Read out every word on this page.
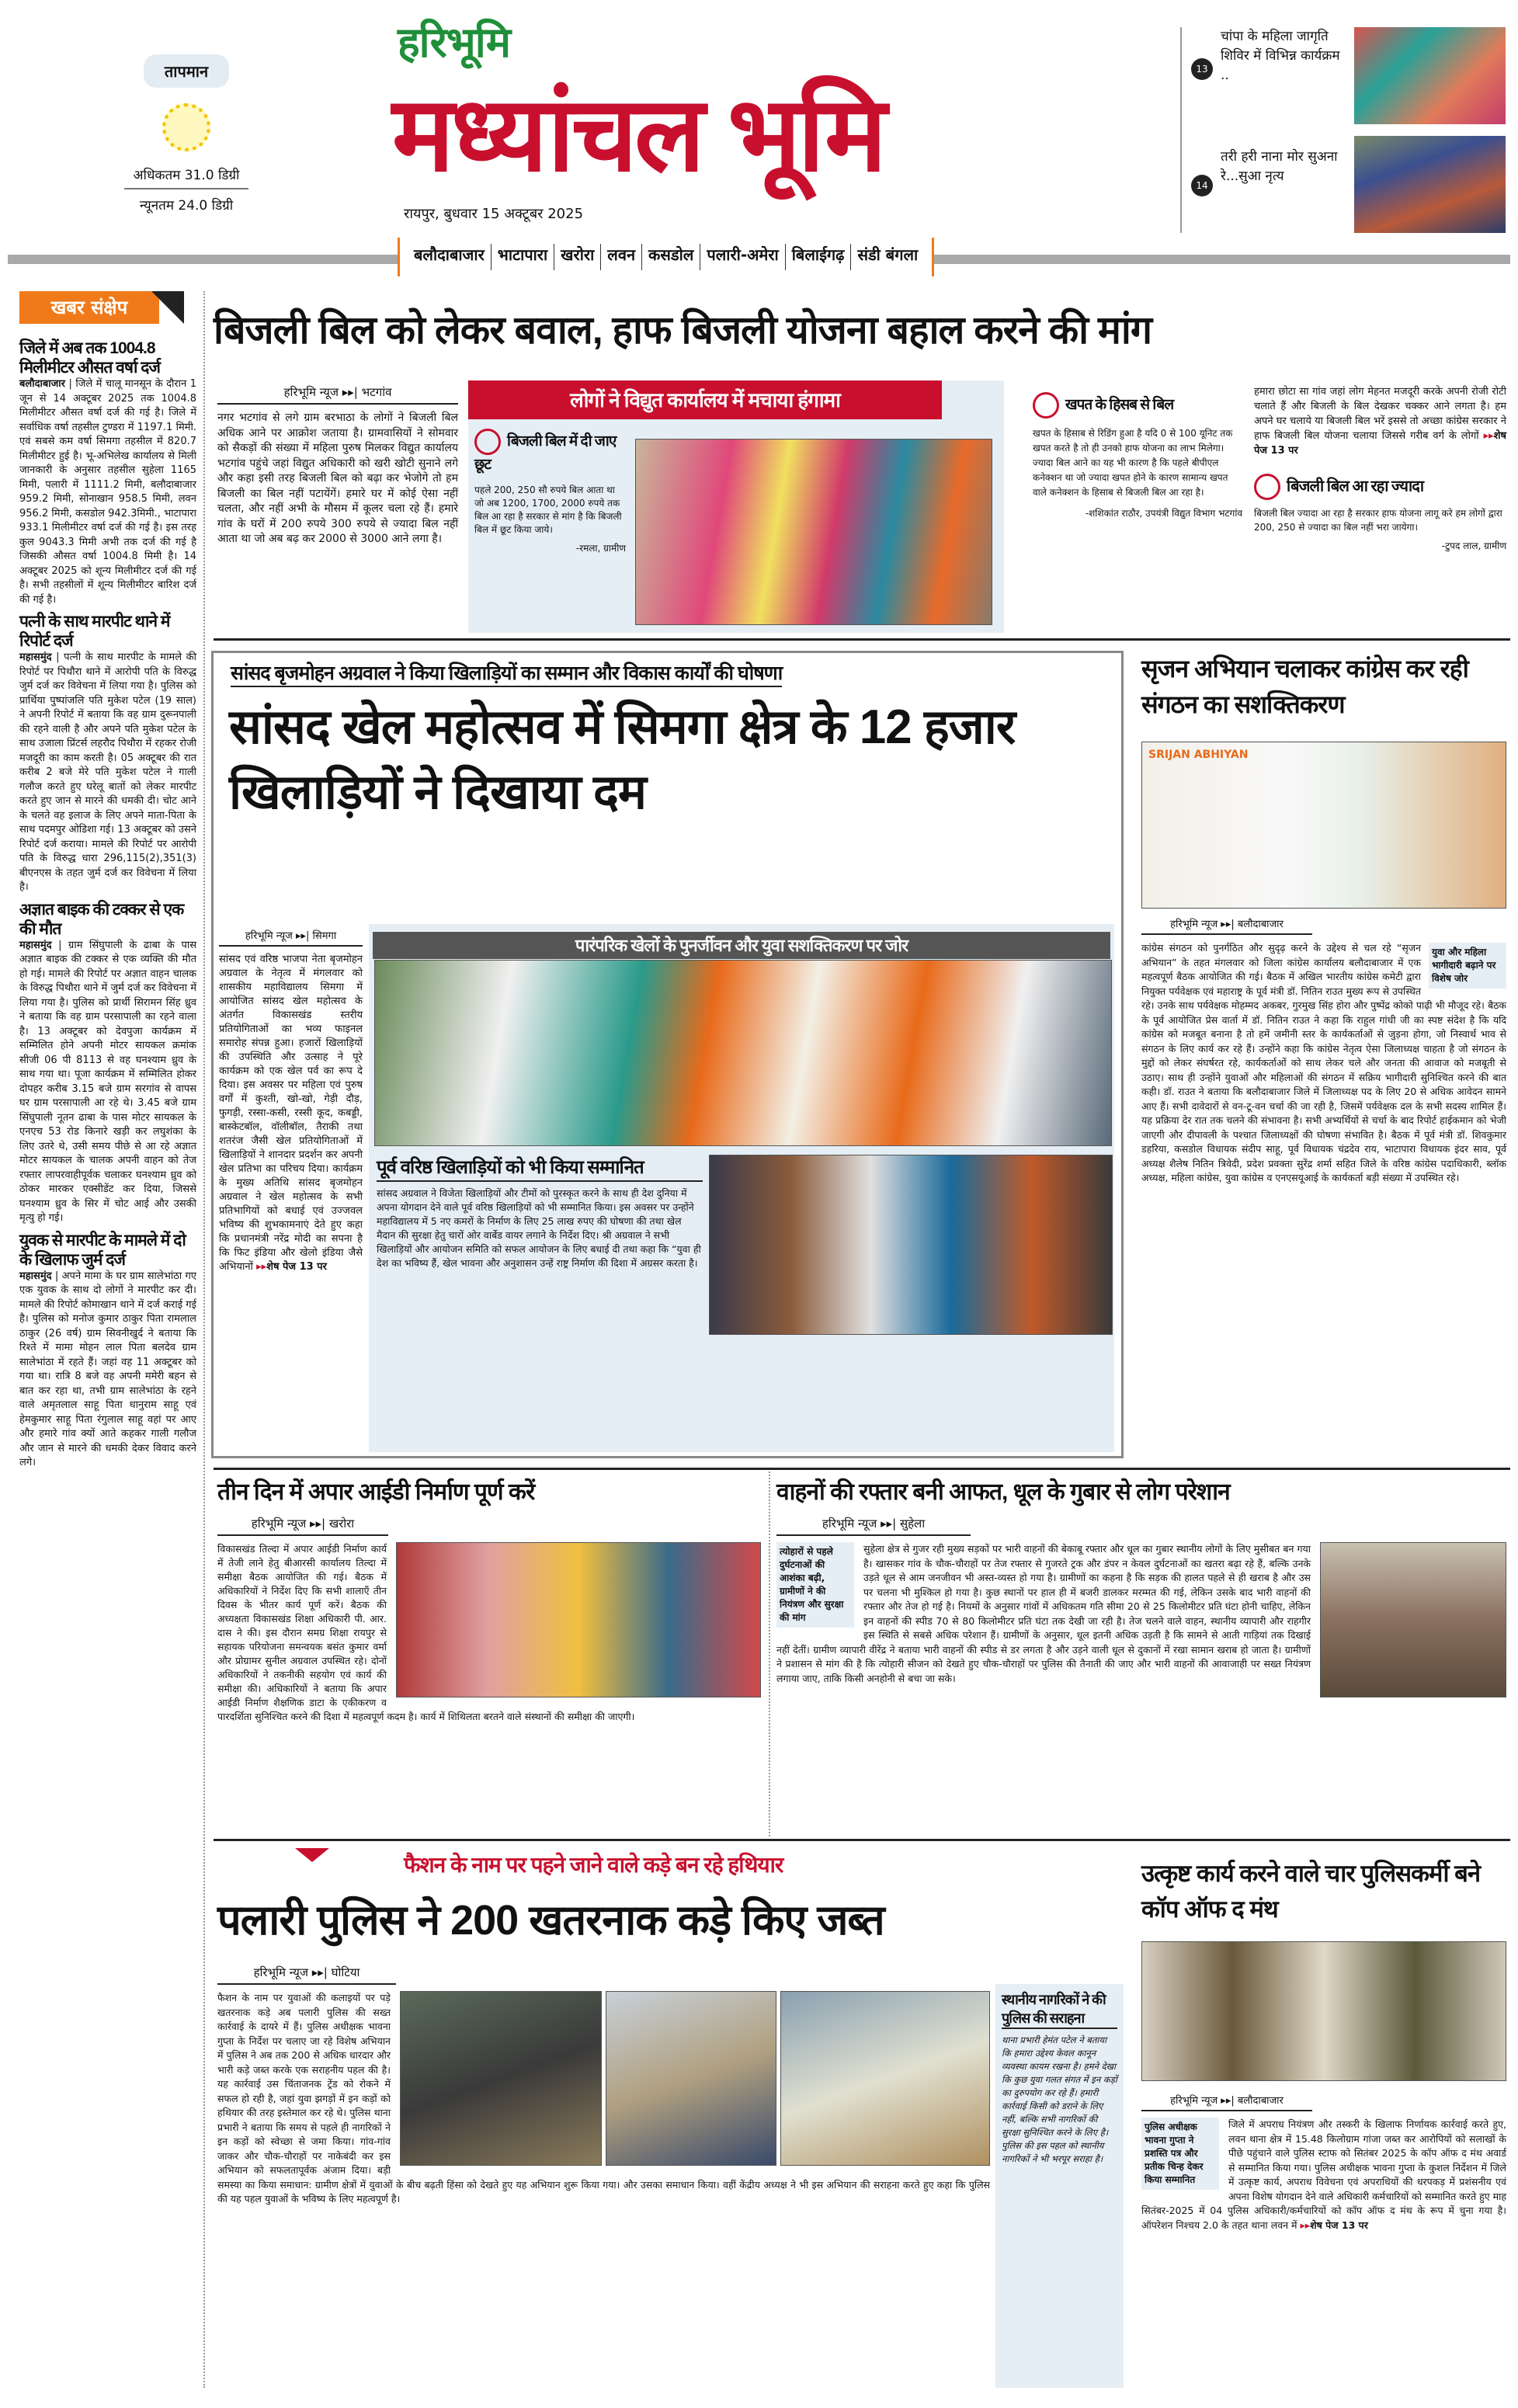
तापमान
अधिकतम 31.0 डिग्री
न्यूनतम 24.0 डिग्री
हरिभूमि
मध्यांचल भूमि
रायपुर, बुधवार 15 अक्टूबर 2025
13
चांपा के महिला जागृति शिविर में विभिन्न कार्यक्रम ..
14
तरी हरी नाना मोर सुअना रे...सुआ नृत्य
बलौदाबाजार भाटापारा खरोरा लवन कसडोल पलारी-अमेरा बिलाईगढ़ संडी बंगला
खबर संक्षेप
जिले में अब तक 1004.8 मिलीमीटर औसत वर्षा दर्ज
बलौदाबाजार | जिले में चालू मानसून के दौरान 1 जून से 14 अक्टूबर 2025 तक 1004.8 मिलीमीटर औसत वर्षा दर्ज की गई है। जिले में सर्वाधिक वर्षा तहसील टुण्डरा में 1197.1 मिमी. एवं सबसे कम वर्षा सिमगा तहसील में 820.7 मिलीमीटर हुई है। भू-अभिलेख कार्यालय से मिली जानकारी के अनुसार तहसील सुहेला 1165 मिमी, पलारी में 1111.2 मिमी, बलौदाबाजार 959.2 मिमी, सोनाखान 958.5 मिमी, लवन 956.2 मिमी, कसडोल 942.3मिमी., भाटापारा 933.1 मिलीमीटर वर्षा दर्ज की गई है। इस तरह कुल 9043.3 मिमी अभी तक दर्ज की गई है जिसकी औसत वर्षा 1004.8 मिमी है। 14 अक्टूबर 2025 को शून्य मिलीमीटर दर्ज की गई है। सभी तहसीलों में शून्य मिलीमीटर बारिश दर्ज की गई है।
पत्नी के साथ मारपीट थाने में रिपोर्ट दर्ज
महासमुंद | पत्नी के साथ मारपीट के मामले की रिपोर्ट पर पिथौरा थाने में आरोपी पति के विरुद्ध जुर्म दर्ज कर विवेचना में लिया गया है। पुलिस को प्रार्थिया पुष्पांजलि पति मुकेश पटेल (19 साल) ने अपनी रिपोर्ट में बताया कि वह ग्राम दुरूनपाली की रहने वाली है और अपने पति मुकेश पटेल के साथ उजाला प्रिंटर्स लहरौद पिथौरा में रहकर रोजी मजदूरी का काम करती है। 05 अक्टूबर की रात करीब 2 बजे मेरे पति मुकेश पटेल ने गाली गलौज करते हुए घरेलू बातों को लेकर मारपीट करते हुए जान से मारने की धमकी दी। चोट आने के चलते वह इलाज के लिए अपने माता-पिता के साथ पदमपुर ओडिशा गई। 13 अक्टूबर को उसने रिपोर्ट दर्ज कराया। मामले की रिपोर्ट पर आरोपी पति के विरुद्ध धारा 296,115(2),351(3) बीएनएस के तहत जुर्म दर्ज कर विवेचना में लिया है।
अज्ञात बाइक की टक्कर से एक की मौत
महासमुंद | ग्राम सिंघुपाली के ढाबा के पास अज्ञात बाइक की टक्कर से एक व्यक्ति की मौत हो गई। मामले की रिपोर्ट पर अज्ञात वाहन चालक के विरुद्ध पिथौरा थाने में जुर्म दर्ज कर विवेचना में लिया गया है। पुलिस को प्रार्थी सिरामन सिंह ध्रुव ने बताया कि वह ग्राम परसापाली का रहने वाला है। 13 अक्टूबर को देवपुजा कार्यक्रम में सम्मिलित होने अपनी मोटर सायकल क्रमांक सीजी 06 पी 8113 से वह घनश्याम ध्रुव के साथ गया था। पूजा कार्यक्रम में सम्मिलित होकर दोपहर करीब 3.15 बजे ग्राम सरगांव से वापस घर ग्राम परसापाली आ रहे थे। 3.45 बजे ग्राम सिंघुपाली नूतन ढाबा के पास मोटर सायकल के एनएच 53 रोड किनारे खड़ी कर लघुशंका के लिए उतरे थे, उसी समय पीछे से आ रहे अज्ञात मोटर सायकल के चालक अपनी वाहन को तेज रफ्तार लापरवाहीपूर्वक चलाकर घनश्याम ध्रुव को ठोकर मारकर एक्सीडेंट कर दिया, जिससे घनश्याम ध्रुव के सिर में चोट आई और उसकी मृत्यु हो गई।
युवक से मारपीट के मामले में दो के खिलाफ जुर्म दर्ज
महासमुंद | अपने मामा के घर ग्राम सालेभांठा गए एक युवक के साथ दो लोगों ने मारपीट कर दी। मामले की रिपोर्ट कोमाखान थाने में दर्ज कराई गई है। पुलिस को मनोज कुमार ठाकुर पिता रामलाल ठाकुर (26 वर्ष) ग्राम सिवनीखुर्द ने बताया कि रिश्ते में मामा मोहन लाल पिता बलदेव ग्राम सालेभांठा में रहते हैं। जहां वह 11 अक्टूबर को गया था। रात्रि 8 बजे वह अपनी ममेरी बहन से बात कर रहा था, तभी ग्राम सालेभांठा के रहने वाले अमृतलाल साहू पिता धानुराम साहू एवं हेमकुमार साहू पिता रंगुलाल साहू वहां पर आए और हमारे गांव क्यों आते कहकर गाली गलौज और जान से मारने की धमकी देकर विवाद करने लगे।
बिजली बिल को लेकर बवाल, हाफ बिजली योजना बहाल करने की मांग
हरिभूमि न्यूज ▸▸| भटगांव
नगर भटगांव से लगे ग्राम बरभाठा के लोगों ने बिजली बिल अधिक आने पर आक्रोश जताया है। ग्रामवासियों ने सोमवार को सैकड़ों की संख्या में महिला पुरुष मिलकर विद्युत कार्यालय भटगांव पहुंचे जहां विद्युत अधिकारी को खरी खोटी सुनाने लगे और कहा इसी तरह बिजली बिल को बढ़ा कर भेजोगे तो हम बिजली का बिल नहीं पटायेंगें। हमारे घर में कोई ऐसा नहीं चलता, और नहीं अभी के मौसम में कूलर चला रहे हैं। हमारे गांव के घरों में 200 रुपये 300 रुपये से ज्यादा बिल नहीं आता था जो अब बढ़ कर 2000 से 3000 आने लगा है।
लोगों ने विद्युत कार्यालय में मचाया हंगामा
बिजली बिल में दी जाए छूट
पहले 200, 250 सौ रुपये बिल आता था जो अब 1200, 1700, 2000 रुपये तक बिल आ रहा है सरकार से मांग है कि बिजली बिल में छूट किया जाये।
-रमला, ग्रामीण
खपत के हिसब से बिल
खपत के हिसाब से रिडिंग हुआ है यदि 0 से 100 यूनिट तक खपत करते है तो ही उनको हाफ योजना का लाभ मिलेगा। ज्यादा बिल आने का यह भी कारण है कि पहले बीपीएल कनेक्शन था जो ज्यादा खपत होने के कारण सामान्य खपत वाले कनेक्शन के हिसाब से बिजली बिल आ रहा है।
-शशिकांत राठौर, उपयंत्री विद्युत विभाग भटगांव
हमारा छोटा सा गांव जहां लोग मेहनत मजदूरी करके अपनी रोजी रोटी चलाते हैं और बिजली के बिल देखकर चक्कर आने लगता है। हम अपने घर चलाये या बिजली बिल भरें इससे तो अच्छा कांग्रेस सरकार ने हाफ बिजली बिल योजना चलाया जिससे गरीब वर्ग के लोगों ▸▸ शेष पेज 13 पर
बिजली बिल आ रहा ज्यादा
बिजली बिल ज्यादा आ रहा है सरकार हाफ योजना लागू करे हम लोगों द्वारा 200, 250 से ज्यादा का बिल नहीं भरा जायेगा।
-टुपद लाल, ग्रामीण
सांसद बृजमोहन अग्रवाल ने किया खिलाड़ियों का सम्मान और विकास कार्यों की घोषणा
सांसद खेल महोत्सव में सिमगा क्षेत्र के 12 हजार खिलाड़ियों ने दिखाया दम
हरिभूमि न्यूज ▸▸| सिमगा
सांसद एवं वरिष्ठ भाजपा नेता बृजमोहन अग्रवाल के नेतृत्व में मंगलवार को शासकीय महाविद्यालय सिमगा में आयोजित सांसद खेल महोत्सव के अंतर्गत विकासखंड स्तरीय प्रतियोगिताओं का भव्य फाइनल समारोह संपन्न हुआ। हजारों खिलाड़ियों की उपस्थिति और उत्साह ने पूरे कार्यक्रम को एक खेल पर्व का रूप दे दिया। इस अवसर पर महिला एवं पुरुष वर्गों में कुश्ती, खो-खो, गेड़ी दौड़, फुगड़ी, रस्सा-कसी, रस्सी कूद, कबड्डी, बास्केटबॉल, वॉलीबॉल, तैराकी तथा शतरंज जैसी खेल प्रतियोगिताओं में खिलाड़ियों ने शानदार प्रदर्शन कर अपनी खेल प्रतिभा का परिचय दिया। कार्यक्रम के मुख्य अतिथि सांसद बृजमोहन अग्रवाल ने खेल महोत्सव के सभी प्रतिभागियों को बधाई एवं उज्जवल भविष्य की शुभकामनाएं देते हुए कहा कि प्रधानमंत्री नरेंद्र मोदी का सपना है कि फिट इंडिया और खेलो इंडिया जैसे अभियानों ▸▸ शेष पेज 13 पर
पारंपरिक खेलों के पुनर्जीवन और युवा सशक्तिकरण पर जोर
पूर्व वरिष्ठ खिलाड़ियों को भी किया सम्मानित
सांसद अग्रवाल ने विजेता खिलाड़ियों और टीमों को पुरस्कृत करने के साथ ही देश दुनिया में अपना योगदान देने वाले पूर्व वरिष्ठ खिलाड़ियों को भी सम्मानित किया। इस अवसर पर उन्होंने महाविद्यालय में 5 नए कमरों के निर्माण के लिए 25 लाख रुपए की घोषणा की तथा खेल मैदान की सुरक्षा हेतु चारों ओर वार्बेड वायर लगाने के निर्देश दिए। श्री अग्रवाल ने सभी खिलाड़ियों और आयोजन समिति को सफल आयोजन के लिए बधाई दी तथा कहा कि “युवा ही देश का भविष्य हैं, खेल भावना और अनुशासन उन्हें राष्ट्र निर्माण की दिशा में अग्रसर करता है।
सृजन अभियान चलाकर कांग्रेस कर रही संगठन का सशक्तिकरण
SRIJAN ABHIYAN
हरिभूमि न्यूज ▸▸| बलौदाबाजार
युवा और महिला भागीदारी बढ़ाने पर विशेष जोर
कांग्रेस संगठन को पुनर्गठित और सुदृढ़ करने के उद्देश्य से चल रहे “सृजन अभियान” के तहत मंगलवार को जिला कांग्रेस कार्यालय बलौदाबाजार में एक महत्वपूर्ण बैठक आयोजित की गई। बैठक में अखिल भारतीय कांग्रेस कमेटी द्वारा नियुक्त पर्यवेक्षक एवं महाराष्ट्र के पूर्व मंत्री डॉ. नितिन राउत मुख्य रूप से उपस्थित रहे। उनके साथ पर्यवेक्षक मोहम्मद अकबर, गुरमुख सिंह होरा और पुष्पेंद्र कोको पाढ़ी भी मौजूद रहे। बैठक के पूर्व आयोजित प्रेस वार्ता में डॉ. नितिन राउत ने कहा कि राहुल गांधी जी का स्पष्ट संदेश है कि यदि कांग्रेस को मजबूत बनाना है तो हमें जमीनी स्तर के कार्यकर्ताओं से जुड़ना होगा, जो निस्वार्थ भाव से संगठन के लिए कार्य कर रहे हैं। उन्होंने कहा कि कांग्रेस नेतृत्व ऐसा जिलाध्यक्ष चाहता है जो संगठन के मुद्दों को लेकर संघर्षरत रहे, कार्यकर्ताओं को साथ लेकर चले और जनता की आवाज को मजबूती से उठाए। साथ ही उन्होंने युवाओं और महिलाओं की संगठन में सक्रिय भागीदारी सुनिश्चित करने की बात कही। डॉ. राउत ने बताया कि बलौदाबाजार जिले में जिलाध्यक्ष पद के लिए 20 से अधिक आवेदन सामने आए हैं। सभी दावेदारों से वन-टू-वन चर्चा की जा रही है, जिसमें पर्यवेक्षक दल के सभी सदस्य शामिल हैं। यह प्रक्रिया देर रात तक चलने की संभावना है। सभी अभ्यर्थियों से चर्चा के बाद रिपोर्ट हाईकमान को भेजी जाएगी और दीपावली के पश्चात जिलाध्यक्षों की घोषणा संभावित है। बैठक में पूर्व मंत्री डॉ. शिवकुमार डहरिया, कसडोल विधायक संदीप साहू, पूर्व विधायक चंद्रदेव राय, भाटापारा विधायक इंदर साव, पूर्व अध्यक्ष शैलेष नितिन त्रिवेदी, प्रदेश प्रवक्ता सुरेंद्र शर्मा सहित जिले के वरिष्ठ कांग्रेस पदाधिकारी, ब्लॉक अध्यक्ष, महिला कांग्रेस, युवा कांग्रेस व एनएसयूआई के कार्यकर्ता बड़ी संख्या में उपस्थित रहे।
तीन दिन में अपार आईडी निर्माण पूर्ण करें
हरिभूमि न्यूज ▸▸| खरोरा
विकासखंड तिल्दा में अपार आईडी निर्माण कार्य में तेजी लाने हेतु बीआरसी कार्यालय तिल्दा में समीक्षा बैठक आयोजित की गई। बैठक में अधिकारियों ने निर्देश दिए कि सभी शालाएँ तीन दिवस के भीतर कार्य पूर्ण करें। बैठक की अध्यक्षता विकासखंड शिक्षा अधिकारी पी. आर. दास ने की। इस दौरान समग्र शिक्षा रायपुर से सहायक परियोजना समन्वयक बसंत कुमार वर्मा और प्रोग्रामर सुनील अग्रवाल उपस्थित रहे। दोनों अधिकारियों ने तकनीकी सहयोग एवं कार्य की समीक्षा की। अधिकारियों ने बताया कि अपार आईडी निर्माण शैक्षणिक डाटा के एकीकरण व पारदर्शिता सुनिश्चित करने की दिशा में महत्वपूर्ण कदम है। कार्य में शिथिलता बरतने वाले संस्थानों की समीक्षा की जाएगी।
वाहनों की रफ्तार बनी आफत, धूल के गुबार से लोग परेशान
हरिभूमि न्यूज ▸▸| सुहेला
त्योहारों से पहले दुर्घटनाओं की आशंका बढ़ी, ग्रामीणों ने की नियंत्रण और सुरक्षा की मांग
सुहेला क्षेत्र से गुजर रही मुख्य सड़कों पर भारी वाहनों की बेकाबू रफ्तार और धूल का गुबार स्थानीय लोगों के लिए मुसीबत बन गया है। खासकर गांव के चौक-चौराहों पर तेज रफ्तार से गुजरते ट्रक और डंपर न केवल दुर्घटनाओं का खतरा बढ़ा रहे हैं, बल्कि उनके उड़ते धूल से आम जनजीवन भी अस्त-व्यस्त हो गया है। ग्रामीणों का कहना है कि सड़क की हालत पहले से ही खराब है और उस पर चलना भी मुश्किल हो गया है। कुछ स्थानों पर हाल ही में बजरी डालकर मरम्मत की गई, लेकिन उसके बाद भारी वाहनों की रफ्तार और तेज हो गई है। नियमों के अनुसार गांवों में अधिकतम गति सीमा 20 से 25 किलोमीटर प्रति घंटा होनी चाहिए, लेकिन इन वाहनों की स्पीड 70 से 80 किलोमीटर प्रति घंटा तक देखी जा रही है। तेज चलने वाले वाहन, स्थानीय व्यापारी और राहगीर इस स्थिति से सबसे अधिक परेशान हैं। ग्रामीणों के अनुसार, धूल इतनी अधिक उड़ती है कि सामने से आती गाड़ियां तक दिखाई नहीं देतीं। ग्रामीण व्यापारी वीरेंद्र ने बताया भारी वाहनों की स्पीड से डर लगता है और उड़ने वाली धूल से दुकानों में रखा सामान खराब हो जाता है। ग्रामीणों ने प्रशासन से मांग की है कि त्योहारी सीजन को देखते हुए चौक-चौराहों पर पुलिस की तैनाती की जाए और भारी वाहनों की आवाजाही पर सख्त नियंत्रण लगाया जाए, ताकि किसी अनहोनी से बचा जा सके।
फैशन के नाम पर पहने जाने वाले कड़े बन रहे हथियार
पलारी पुलिस ने 200 खतरनाक कड़े किए जब्त
हरिभूमि न्यूज ▸▸| घोटिया
फैशन के नाम पर युवाओं की कलाइयों पर पड़े खतरनाक कड़े अब पलारी पुलिस की सख्त कार्रवाई के दायरे में हैं। पुलिस अधीक्षक भावना गुप्ता के निर्देश पर चलाए जा रहे विशेष अभियान में पुलिस ने अब तक 200 से अधिक धारदार और भारी कड़े जब्त करके एक सराहनीय पहल की है। यह कार्रवाई उस चिंताजनक ट्रेंड को रोकने में सफल हो रही है, जहां युवा झगड़ों में इन कड़ों को हथियार की तरह इस्तेमाल कर रहे थे। पुलिस थाना प्रभारी ने बताया कि समय से पहले ही नागरिकों ने इन कड़ों को स्वेच्छा से जमा किया। गांव-गांव जाकर और चौक-चौराहों पर नाकेबंदी कर इस अभियान को सफलतापूर्वक अंजाम दिया। बड़ी समस्या का किया समाधान: ग्रामीण क्षेत्रों में युवाओं के बीच बढ़ती हिंसा को देखते हुए यह अभियान शुरू किया गया। और उसका समाधान किया। वहीं केंद्रीय अध्यक्ष ने भी इस अभियान की सराहना करते हुए कहा कि पुलिस की यह पहल युवाओं के भविष्य के लिए महत्वपूर्ण है।
स्थानीय नागरिकों ने की पुलिस की सराहना
थाना प्रभारी हेमंत पटेल ने बताया कि हमारा उद्देश्य केवल कानून व्यवस्था कायम रखना है। हमने देखा कि कुछ युवा गलत संगत में इन कड़ों का दुरुपयोग कर रहे हैं। हमारी कार्रवाई किसी को डराने के लिए नहीं, बल्कि सभी नागरिकों की सुरक्षा सुनिश्चित करने के लिए है। पुलिस की इस पहल को स्थानीय नागरिकों ने भी भरपूर सराहा है।
उत्कृष्ट कार्य करने वाले चार पुलिसकर्मी बने कॉप ऑफ द मंथ
हरिभूमि न्यूज ▸▸| बलौदाबाजार
पुलिस अधीक्षक भावना गुप्ता ने प्रशस्ति पत्र और प्रतीक चिन्ह देकर किया सम्मानित
जिले में अपराध नियंत्रण और तस्करी के खिलाफ निर्णायक कार्रवाई करते हुए, लवन थाना क्षेत्र में 15.48 किलोग्राम गांजा जब्त कर आरोपियों को सलाखों के पीछे पहुंचाने वाले पुलिस स्टाफ को सितंबर 2025 के कॉप ऑफ द मंथ अवार्ड से सम्मानित किया गया। पुलिस अधीक्षक भावना गुप्ता के कुशल निर्देशन में जिले में उत्कृष्ट कार्य, अपराध विवेचना एवं अपराधियों की धरपकड़ में प्रशंसनीय एवं अपना विशेष योगदान देने वाले अधिकारी कर्मचारियों को सम्मानित करते हुए माह सितंबर-2025 में 04 पुलिस अधिकारी/कर्मचारियों को कॉप ऑफ द मंथ के रूप में चुना गया है। ऑपरेशन निश्चय 2.0 के तहत थाना लवन में ▸▸ शेष पेज 13 पर
